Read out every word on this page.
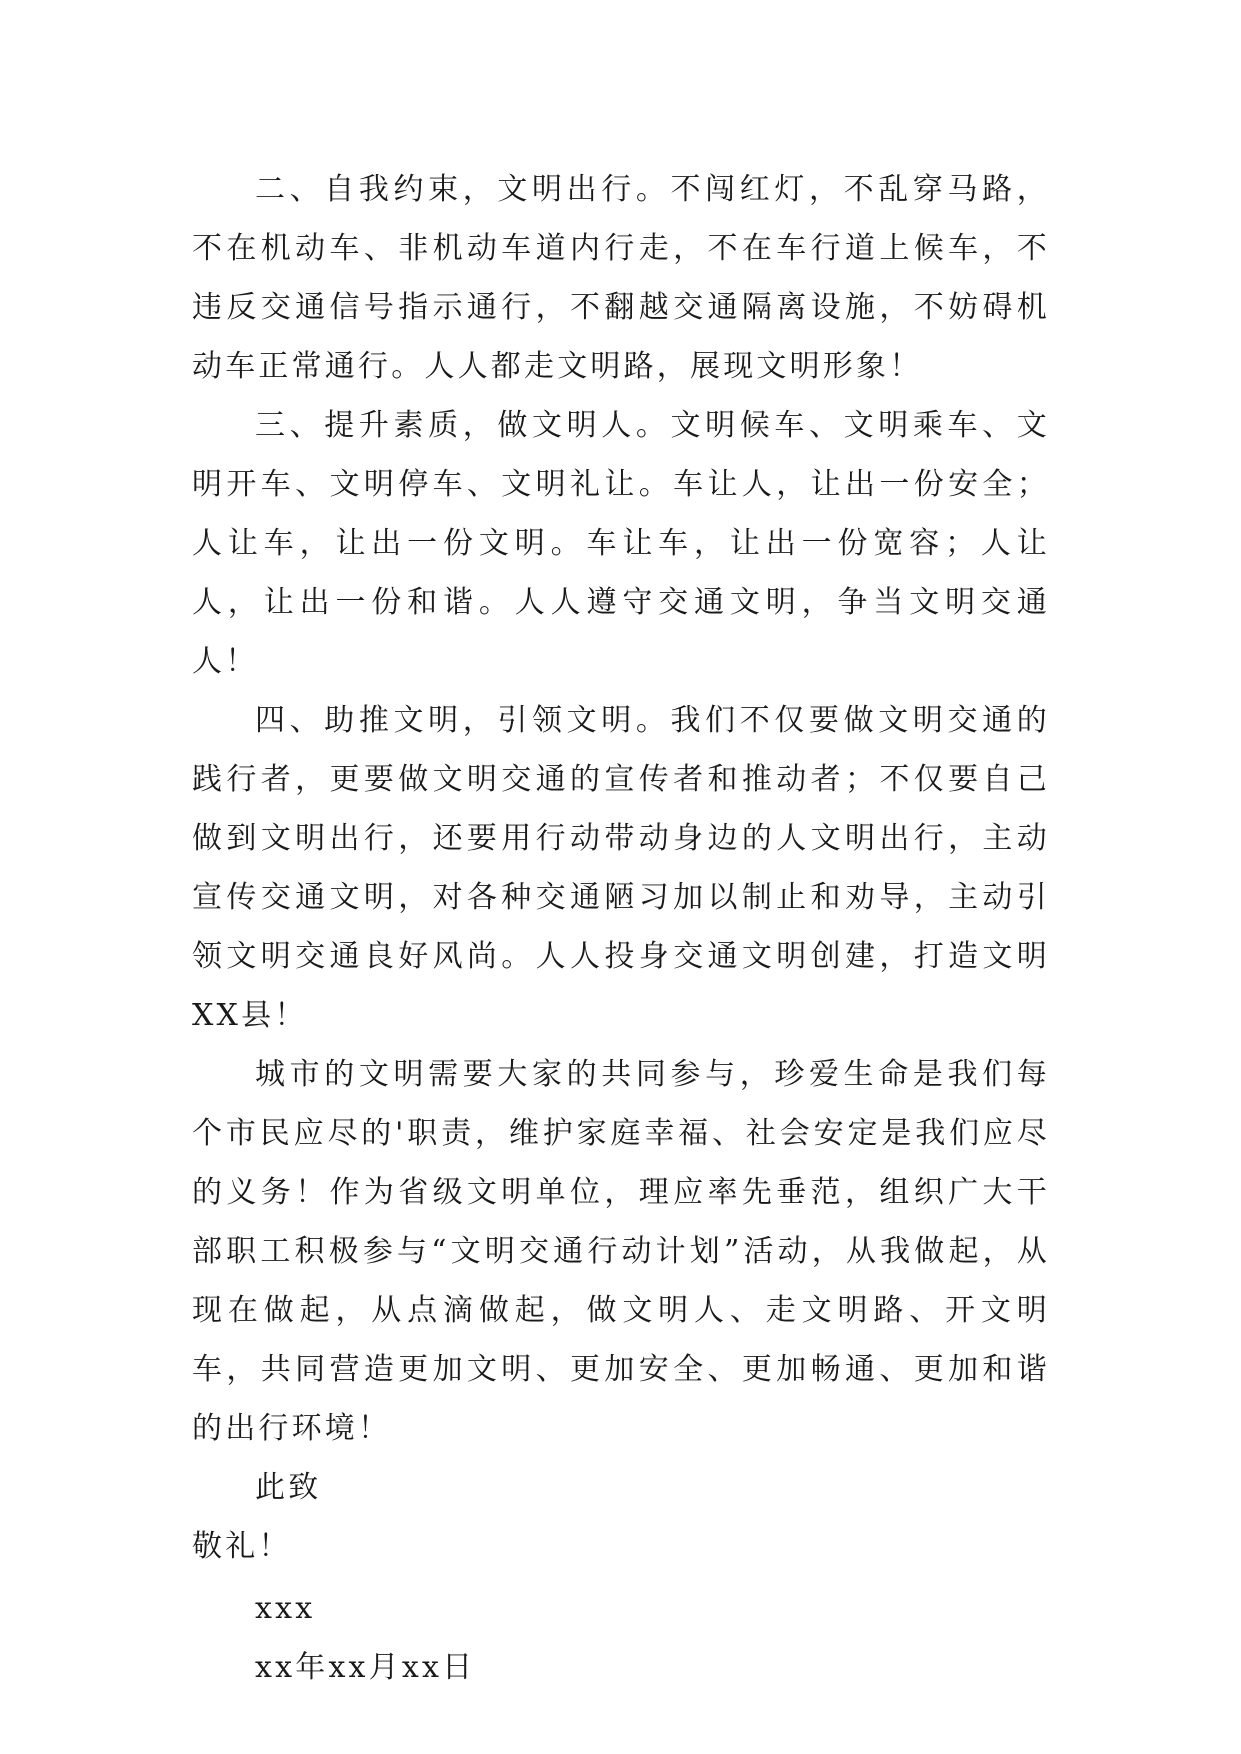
二、自我约束，文明出行。不闯红灯，不乱穿马路，不在机动车、非机动车道内行走，不在车行道上候车，不违反交通信号指示通行，不翻越交通隔离设施，不妨碍机动车正常通行。人人都走文明路，展现文明形象！

三、提升素质，做文明人。文明候车、文明乘车、文明开车、文明停车、文明礼让。车让人，让出一份安全；人让车，让出一份文明。车让车，让出一份宽容；人让人，让出一份和谐。人人遵守交通文明，争当文明交通人！

四、助推文明，引领文明。我们不仅要做文明交通的践行者，更要做文明交通的宣传者和推动者；不仅要自己做到文明出行，还要用行动带动身边的人文明出行，主动宣传交通文明，对各种交通陋习加以制止和劝导，主动引领文明交通良好风尚。人人投身交通文明创建，打造文明XX县！

城市的文明需要大家的共同参与，珍爱生命是我们每个市民应尽的'职责，维护家庭幸福、社会安定是我们应尽的义务！作为省级文明单位，理应率先垂范，组织广大干部职工积极参与“文明交通行动计划”活动，从我做起，从现在做起，从点滴做起，做文明人、走文明路、开文明车，共同营造更加文明、更加安全、更加畅通、更加和谐的出行环境！

此致

敬礼！

xxx

xx年xx月xx日
